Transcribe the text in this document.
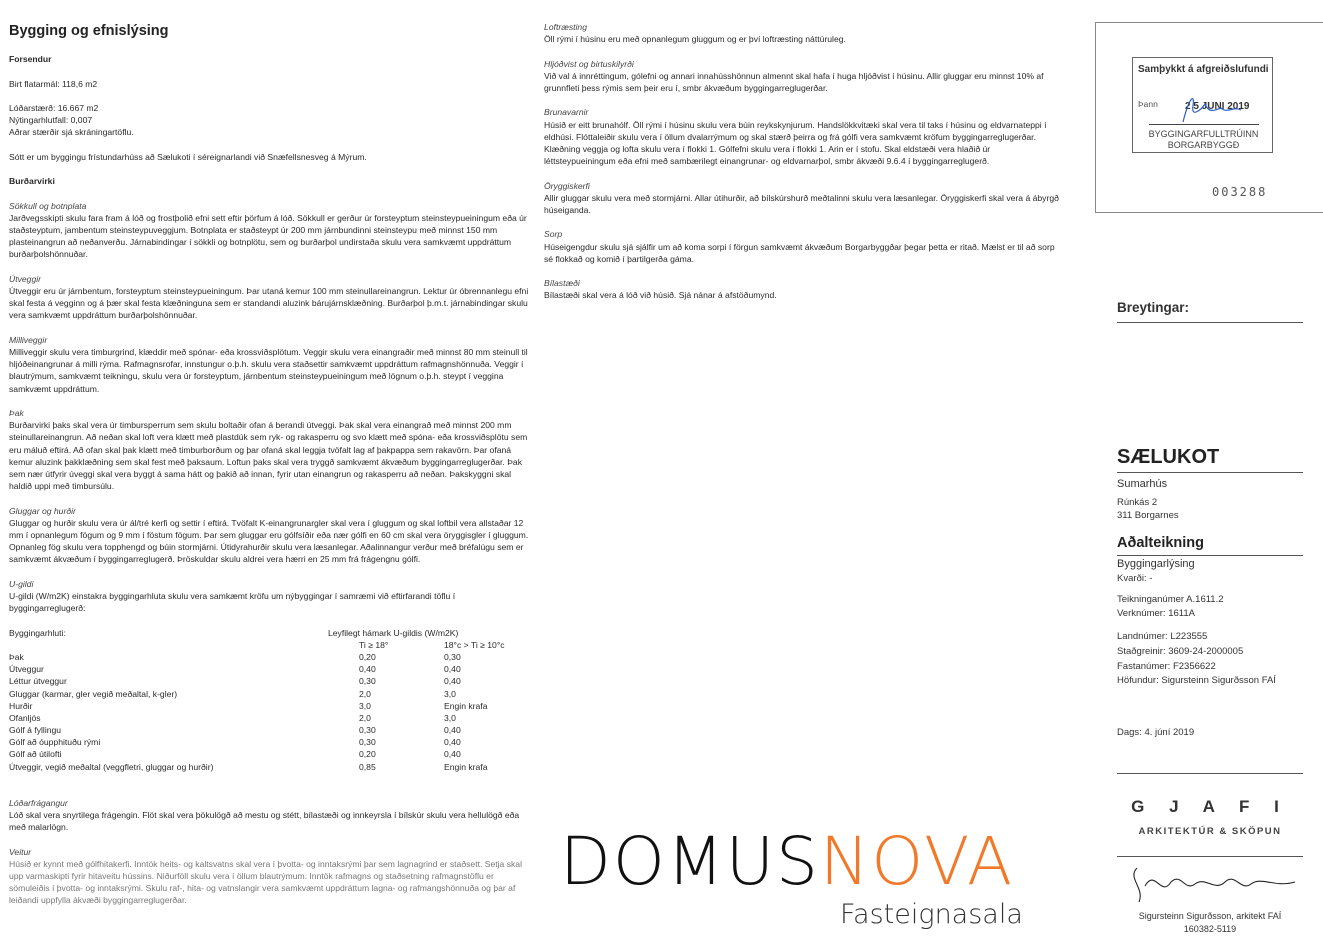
Bygging og efnislýsing
Forsendur
Birt flatarmál: 118,6 m2
Lóðarstærð: 16.667 m2
Nýtingarhlutfall: 0,007
Aðrar stærðir sjá skráningartöflu.
Sótt er um byggingu frístundarhúss að Sælukoti í séreignarlandi við Snæfellsnesveg á Mýrum.
Burðarvirki
Sökkull og botnplata
Jarðvegsskipti skulu fara fram á lóð og frostþolið efni sett eftir þörfum á lóð. Sökkull er gerður úr forsteyptum steinsteypueiningum eða úr staðsteyptum, jambentum steinsteypuveggjum. Botnplata er staðsteypt úr 200 mm járnbundinni steinsteypu með minnst 150 mm plasteinangrun að neðanverðu. Járnabindingar í sökkli og botnplötu, sem og burðarþol undirstaða skulu vera samkvæmt uppdráttum burðarþolshönnuðar.
Útveggir
Útveggir eru úr járnbentum, forsteyptum steinsteypueiningum. Þar utaná kemur 100 mm steinullareinangrun. Lektur úr óbrennanlegu efni skal festa á vegginn og á þær skal festa klæðninguna sem er standandi aluzink bárujárnsklæðning. Burðarþol þ.m.t. járnabindingar skulu vera samkvæmt uppdráttum burðarþolshönnuðar.
Milliveggir
Milliveggir skulu vera timburgrind, klæddir með spónar- eða krossviðsplötum. Veggir skulu vera einangraðir með minnst 80 mm steinull til hljóðeinangrunar á milli rýma. Rafmagnsrofar, innstungur o.þ.h. skulu vera staðsettir samkvæmt uppdráttum rafmagnshönnuða. Veggir í blautrýmum, samkvæmt teikningu, skulu vera úr forsteyptum, járnbentum steinsteypueiningum með lögnum o.þ.h. steypt í veggina samkvæmt uppdráttum.
Þak
Burðarvirki þaks skal vera úr timbursperrum sem skulu boltaðir ofan á berandi útveggi. Þak skal vera einangrað með minnst 200 mm steinullareinangrun. Að neðan skal loft vera klætt með plastdúk sem ryk- og rakasperru og svo klætt með spóna- eða krossviðsplötu sem eru máluð eftirá. Að ofan skal þak klætt með timburborðum og þar ofaná skal leggja tvöfalt lag af þakpappa sem rakavörn. Þar ofaná kemur aluzink þakklæðning sem skal fest með þaksaum. Loftun þaks skal vera tryggð samkvæmt ákvæðum byggingarreglugerðar. Þak sem nær útfyrir úveggi skal vera byggt á sama hátt og þakið að innan, fyrir utan einangrun og rakasperru að neðan. Þakskyggni skal haldið uppi með timbursúlu.
Gluggar og hurðir
Gluggar og hurðir skulu vera úr ál/tré kerfi og settir í eftirá. Tvöfalt K-einangrunargler skal vera í gluggum og skal loftbil vera allstaðar 12 mm í opnanlegum fögum og 9 mm í föstum fögum. Þar sem gluggar eru gólfsíðir eða nær gólfi en 60 cm skal vera öryggisgler í gluggum. Opnanleg fög skulu vera topphengd og búin stormjárni. Útidyrahurðir skulu vera læsanlegar. Aðalinnangur verður með bréfalúgu sem er samkvæmt ákvæðum í byggingarreglugerð. Þröskuldar skulu aldrei vera hærri en 25 mm frá frágengnu gólfi.
U-gildi
U-gildi (W/m2K) einstakra byggingarhluta skulu vera samkæmt kröfu um nýbyggingar í samræmi við eftirfarandi töflu í byggingarreglugerð:
Byggingarhluti:	Leyfilegt hámark U-gildis (W/m2K)
Ti ≥ 18°	18°c > Ti ≥ 10°c
Þak	0,20	0,30
Útveggur	0,40	0,40
Léttur útveggur	0,30	0,40
Gluggar (karmar, gler vegið meðaltal, k-gler)	2,0	3,0
Hurðir	3,0	Engin krafa
Ofanljós	2,0	3,0
Gólf á fyllingu	0,30	0,40
Gólf að óupphituðu rými	0,30	0,40
Gólf að útilofti	0,20	0,40
Útveggir, vegið meðaltal (veggfletri, gluggar og hurðir)	0,85	Engin krafa
Lóðarfrágangur
Lóð skal vera snyrtilega frágengin. Flöt skal vera þökulögð að mestu og stétt, bílastæði og innkeyrsla í bílskúr skulu vera hellulögð eða með malarlögn.
Veitur
Húsið er kynnt með gólfhitakerfi. Inntök heits- og kaltsvatns skal vera í þvotta- og inntaksrými þar sem lagnagrind er staðsett. Setja skal upp varmaskipti fyrir hitaveitu hússins. Niðurföll skulu vera í öllum blautrýmum. Inntök rafmagns og staðsetning rafmagnstöflu er sömuleiðis í þvotta- og inntaksrými. Skulu raf-, hita- og vatnslangir vera samkvæmt uppdráttum lagna- og rafmangshönnuða og þar af leiðandi uppfylla ákvæði byggingarreglugerðar.
Loftræsting
Öll rými í húsinu eru með opnanlegum gluggum og er því loftræsting náttúruleg.
Hljóðvist og birtuskilyrði
Við val á innréttingum, gólefni og annari innahússhönnun almennt skal hafa í huga hljóðvist í húsinu. Allir gluggar eru minnst 10% af grunnfleti þess rýmis sem þeir eru í, smbr ákvæðum byggingarreglugerðar.
Brunavarnir
Húsið er eitt brunahólf. Öll rými í húsinu skulu vera búin reykskynjurum. Handslökkvitæki skal vera til taks í húsinu og eldvarnateppi í eldhúsi. Flóttaleiðir skulu vera í öllum dvalarrýmum og skal stærð þeirra og frá gólfi vera samkvæmt kröfum byggingarreglugerðar.
Klæðning veggja og lofta skulu vera í flokki 1. Gólfefni skulu vera í flokki 1. Arin er í stofu. Skal eldstæði vera hlaðið úr léttsteypueiningum eða efni með sambærilegt einangrunar- og eldvarnarþol, smbr ákvæði 9.6.4 í byggingarreglugerð.
Öryggiskerfi
Allir gluggar skulu vera með stormjárni. Allar útihurðir, að bílskúrshurð meðtalinni skulu vera læsanlegar. Öryggiskerfi skal vera á ábyrgð húseiganda.
Sorp
Húseigengdur skulu sjá sjálfir um að koma sorpi í förgun samkvæmt ákvæðum Borgarbyggðar þegar þetta er ritað. Mælst er til að sorp sé flokkað og komið í þartilgerða gáma.
Bílastæði
Bílastæði skal vera á lóð við húsið. Sjá nánar á afstöðumynd.
Samþykkt á afgreiðslufundi
Þann	2 5 JUNI 2019
BYGGINGARFULLTRÚINN
BORGARBYGGÐ
003288
Breytingar:
SÆLUKOT
Sumarhús
Rúnkás 2
311 Borgarnes
Aðalteikning
Byggingarlýsing
Kvarði: -
Teikninganúmer A.1611.2
Verknúmer: 1611A
Landnúmer: L223555
Staðgreinir: 3609-24-2000005
Fastanúmer: F2356622
Höfundur: Sigursteinn Sigurðsson FAÍ
Dags: 4. júní 2019
G J A F I
ARKITEKTÚR & SKÖPUN
Sigursteinn Sigurðsson, arkitekt FAÍ
160382-5119
DOMUSNOVA
Fasteignasala
